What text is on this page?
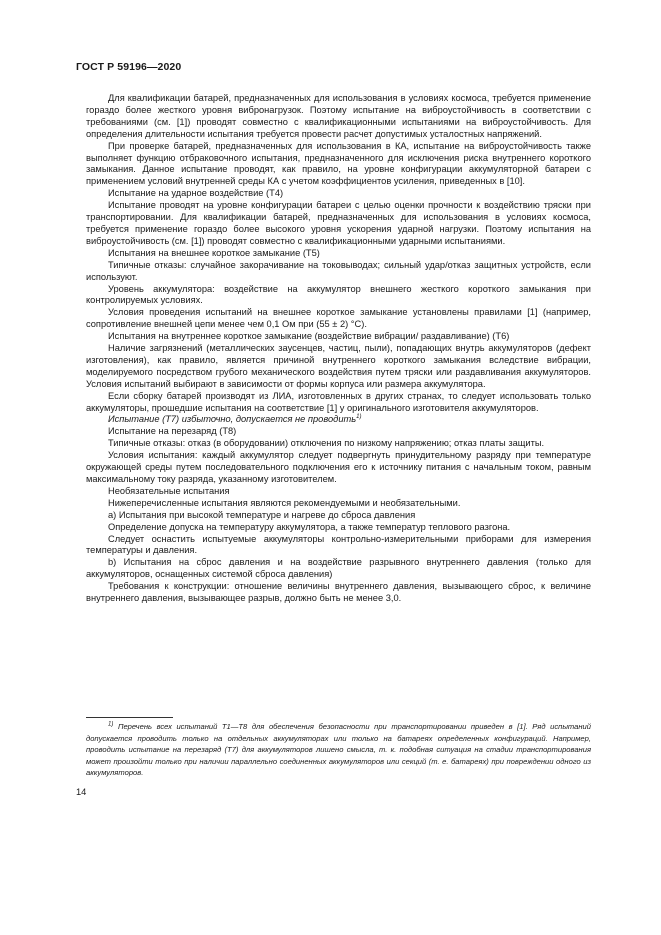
ГОСТ Р 59196—2020

Для квалификации батарей, предназначенных для использования в условиях космоса, требуется применение гораздо более жесткого уровня вибронагрузок. Поэтому испытание на виброустойчивость в соответствии с требованиями (см. [1]) проводят совместно с квалификационными испытаниями на виброустойчивость. Для определения длительности испытания требуется провести расчет допустимых усталостных напряжений.

При проверке батарей, предназначенных для использования в КА, испытание на виброустойчивость также выполняет функцию отбраковочного испытания, предназначенного для исключения риска внутреннего короткого замыкания. Данное испытание проводят, как правило, на уровне конфигурации аккумуляторной батареи с применением условий внутренней среды КА с учетом коэффициентов усиления, приведенных в [10].

Испытание на ударное воздействие (Т4)

Испытание проводят на уровне конфигурации батареи с целью оценки прочности к воздействию тряски при транспортировании. Для квалификации батарей, предназначенных для использования в условиях космоса, требуется применение гораздо более высокого уровня ускорения ударной нагрузки. Поэтому испытания на виброустойчивость (см. [1]) проводят совместно с квалификационными ударными испытаниями.

Испытания на внешнее короткое замыкание (Т5)

Типичные отказы: случайное закорачивание на токовыводах; сильный удар/отказ защитных устройств, если используют.

Уровень аккумулятора: воздействие на аккумулятор внешнего жесткого короткого замыкания при контролируемых условиях.

Условия проведения испытаний на внешнее короткое замыкание установлены правилами [1] (например, сопротивление внешней цепи менее чем 0,1 Ом при (55 ± 2) °С).

Испытания на внутреннее короткое замыкание (воздействие вибрации/ раздавливание) (Т6)

Наличие загрязнений (металлических заусенцев, частиц, пыли), попадающих внутрь аккумуляторов (дефект изготовления), как правило, является причиной внутреннего короткого замыкания вследствие вибрации, моделируемого посредством грубого механического воздействия путем тряски или раздавливания аккумуляторов. Условия испытаний выбирают в зависимости от формы корпуса или размера аккумулятора.

Если сборку батарей производят из ЛИА, изготовленных в других странах, то следует использовать только аккумуляторы, прошедшие испытания на соответствие [1] у оригинального изготовителя аккумуляторов.

Испытание (Т7) избыточно, допускается не проводить$^{1)}$

Испытание на перезаряд (Т8)

Типичные отказы: отказ (в оборудовании) отключения по низкому напряжению; отказ платы защиты.

Условия испытания: каждый аккумулятор следует подвергнуть принудительному разряду при температуре окружающей среды путем последовательного подключения его к источнику питания с начальным током, равным максимальному току разряда, указанному изготовителем.

Необязательные испытания

Нижеперечисленные испытания являются рекомендуемыми и необязательными.

а) Испытания при высокой температуре и нагреве до сброса давления

Определение допуска на температуру аккумулятора, а также температур теплового разгона.

Следует оснастить испытуемые аккумуляторы контрольно-измерительными приборами для измерения температуры и давления.

b) Испытания на сброс давления и на воздействие разрывного внутреннего давления (только для аккумуляторов, оснащенных системой сброса давления)

Требования к конструкции: отношение величины внутреннего давления, вызывающего сброс, к величине внутреннего давления, вызывающее разрыв, должно быть не менее 3,0.

$^{1)}$ Перечень всех испытаний Т1—Т8 для обеспечения безопасности при транспортировании приведен в [1]. Ряд испытаний допускается проводить только на отдельных аккумуляторах или только на батареях определенных конфигураций. Например, проводить испытание на перезаряд (Т7) для аккумуляторов лишено смысла, т. к. подобная ситуация на стадии транспортирования может произойти только при наличии параллельно соединенных аккумуляторов или секций (т. е. батареях) при повреждении одного из аккумуляторов.

14
